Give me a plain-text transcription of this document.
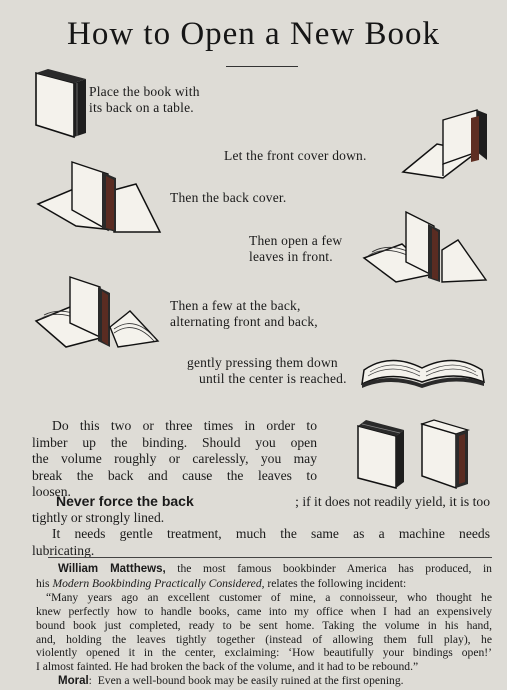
How to Open a New Book
Place the book with
its back on a table.
Let the front cover down.
Then the back cover.
Then open a few
leaves in front.
Then a few at the back,
alternating front and back,
gently pressing them down
until the center is reached.
Do this two or three times in order to
limber up the binding. Should you open
the volume roughly or carelessly, you may
break the back and cause the leaves to
loosen.
Never force the back	; if it does not readily yield, it is too
tightly or strongly lined.
It needs gentle treatment, much the same as a machine needs
lubricating.
William Matthews, the most famous bookbinder America has produced, in
his Modern Bookbinding Practically Considered, relates the following incident:
“Many years ago an excellent customer of mine, a connoisseur, who thought he
knew perfectly how to handle books, came into my office when I had an expensively
bound book just completed, ready to be sent home. Taking the volume in his hand,
and, holding the leaves tightly together (instead of allowing them full play), he
violently opened it in the center, exclaiming: ‘How beautifully your bindings open!’
I almost fainted. He had broken the back of the volume, and it had to be rebound.”
Moral:  Even a well-bound book may be easily ruined at the first opening.
